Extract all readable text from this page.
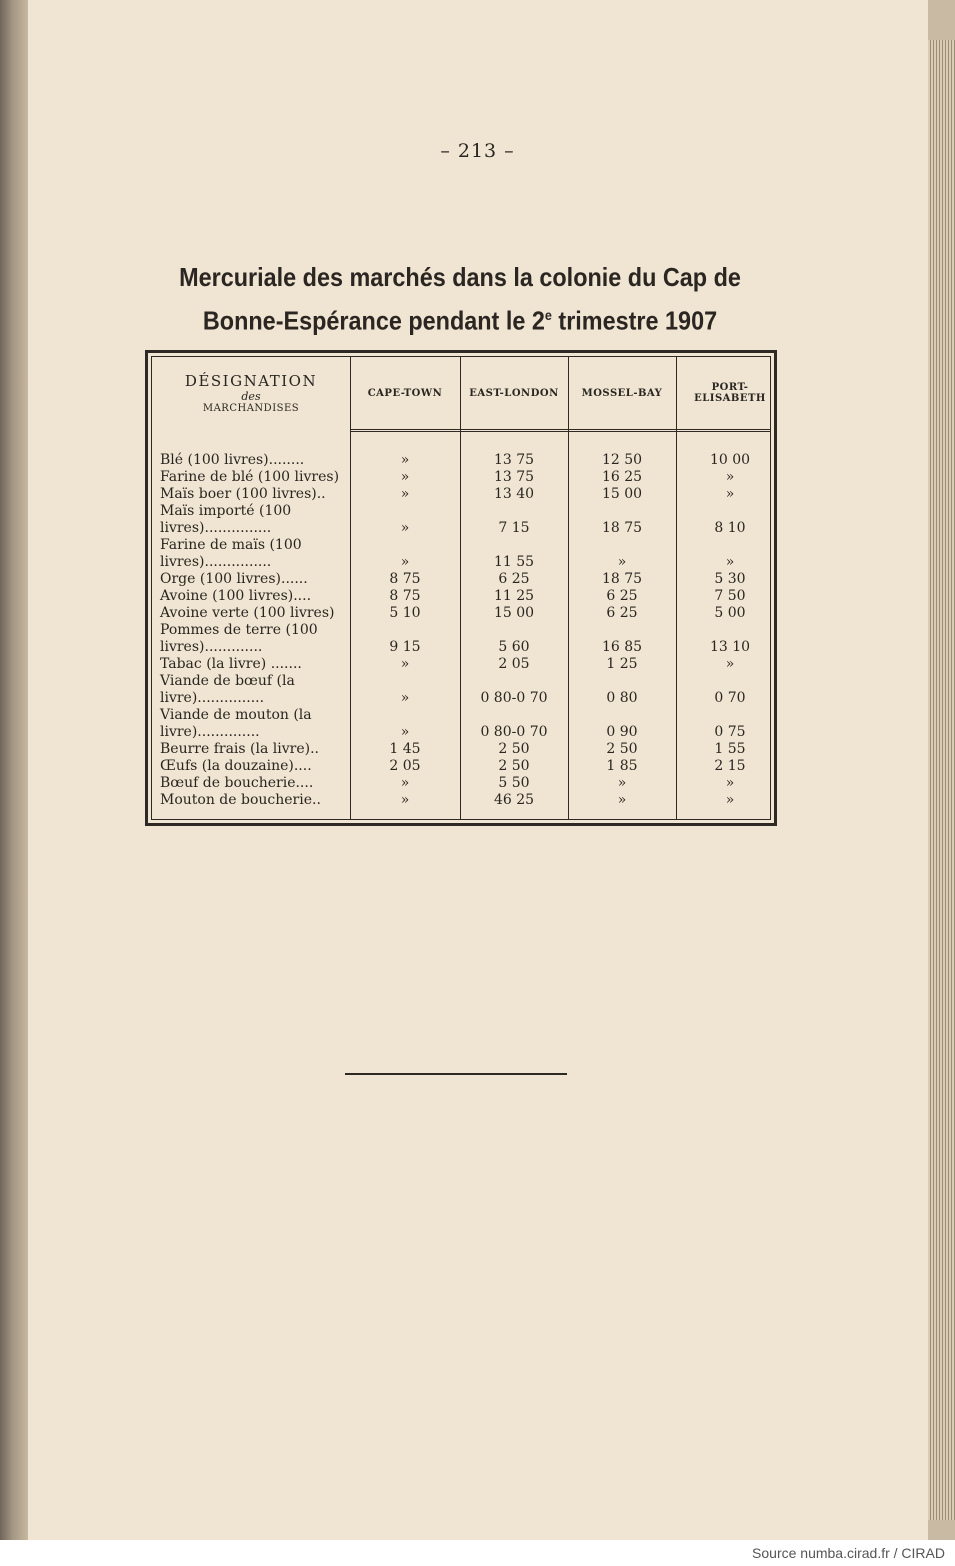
– 213 –
Mercuriale des marchés dans la colonie du Cap de
Bonne-Espérance pendant le 2e trimestre 1907
DÉSIGNATION
des
MARCHANDISES
CAPE-TOWN	EAST-LONDON	MOSSEL-BAY	PORT-ELISABETH
Blé (100 livres)........	»	13 75	12 50	10 00
Farine de blé (100 livres)	»	13 75	16 25	»
Maïs boer (100 livres)..	»	13 40	15 00	»
Maïs importé (100 livres)...............	»	7 15	18 75	8 10
Farine de maïs (100 livres)...............	»	11 55	»	»
Orge (100 livres)......	8 75	6 25	18 75	5 30
Avoine (100 livres)....	8 75	11 25	6 25	7 50
Avoine verte (100 livres)	5 10	15 00	6 25	5 00
Pommes de terre (100 livres).............	9 15	5 60	16 85	13 10
Tabac (la livre) .......	»	2 05	1 25	»
Viande de bœuf (la livre)...............	»	0 80-0 70	0 80	0 70
Viande de mouton (la livre)..............	»	0 80-0 70	0 90	0 75
Beurre frais (la livre)..	1 45	2 50	2 50	1 55
Œufs (la douzaine)....	2 05	2 50	1 85	2 15
Bœuf de boucherie....	»	5 50	»	»
Mouton de boucherie..	»	46 25	»	»
Source numba.cirad.fr / CIRAD
